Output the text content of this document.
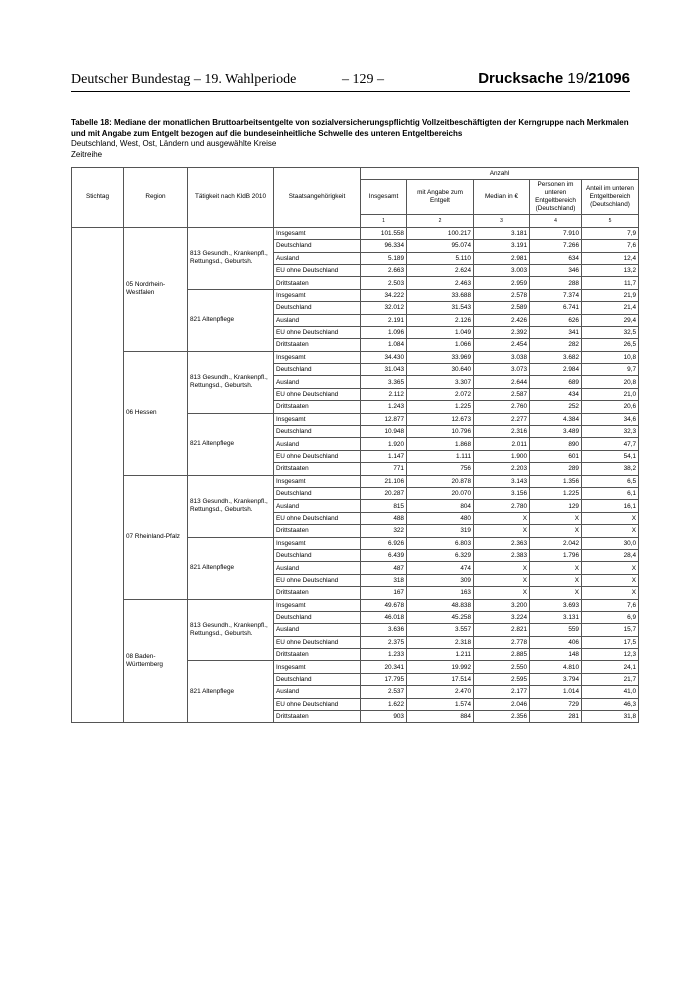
Deutscher Bundestag – 19. Wahlperiode	– 129 –	Drucksache 19/21096
Tabelle 18: Mediane der monatlichen Bruttoarbeitsentgelte von sozialversicherungspflichtig Vollzeitbeschäftigten der Kerngruppe nach Merkmalen und mit Angabe zum Entgelt bezogen auf die bundeseinheitliche Schwelle des unteren Entgeltbereichs
Deutschland, West, Ost, Ländern und ausgewählte Kreise
Zeitreihe
Stichtag	Region	Tätigkeit nach KldB 2010	Staatsangehörigkeit	Anzahl				
				Insgesamt	mit Angabe zum Entgelt	Median in €	Personen im unteren Entgeltbereich (Deutschland)	Anteil im unteren Entgeltbereich (Deutschland)
				1	2	3	4	5
	05 Nordrhein-Westfalen	813 Gesundh., Krankenpfl., Rettungsd., Geburtsh.	Insgesamt	101.558	100.217	3.181	7.910	7,9
			Deutschland	96.334	95.074	3.191	7.266	7,6
			Ausland	5.189	5.110	2.981	634	12,4
			EU ohne Deutschland	2.663	2.624	3.003	346	13,2
			Drittstaaten	2.503	2.463	2.959	288	11,7
		821 Altenpflege	Insgesamt	34.222	33.688	2.578	7.374	21,9
			Deutschland	32.012	31.543	2.589	6.741	21,4
			Ausland	2.191	2.126	2.426	626	29,4
			EU ohne Deutschland	1.096	1.049	2.392	341	32,5
			Drittstaaten	1.084	1.066	2.454	282	26,5
	06 Hessen	813 Gesundh., Krankenpfl., Rettungsd., Geburtsh.	Insgesamt	34.430	33.969	3.038	3.682	10,8
			Deutschland	31.043	30.640	3.073	2.984	9,7
			Ausland	3.365	3.307	2.644	689	20,8
			EU ohne Deutschland	2.112	2.072	2.587	434	21,0
			Drittstaaten	1.243	1.225	2.760	252	20,6
		821 Altenpflege	Insgesamt	12.877	12.673	2.277	4.384	34,6
			Deutschland	10.948	10.796	2.316	3.489	32,3
			Ausland	1.920	1.868	2.011	890	47,7
			EU ohne Deutschland	1.147	1.111	1.900	601	54,1
			Drittstaaten	771	756	2.203	289	38,2
	07 Rheinland-Pfalz	813 Gesundh., Krankenpfl., Rettungsd., Geburtsh.	Insgesamt	21.106	20.878	3.143	1.356	6,5
			Deutschland	20.287	20.070	3.156	1.225	6,1
			Ausland	815	804	2.780	129	16,1
			EU ohne Deutschland	488	480	X	X	X
			Drittstaaten	322	319	X	X	X
		821 Altenpflege	Insgesamt	6.926	6.803	2.363	2.042	30,0
			Deutschland	6.439	6.329	2.383	1.796	28,4
			Ausland	487	474	X	X	X
			EU ohne Deutschland	318	309	X	X	X
			Drittstaaten	167	163	X	X	X
	08 Baden-Württemberg	813 Gesundh., Krankenpfl., Rettungsd., Geburtsh.	Insgesamt	49.678	48.838	3.200	3.693	7,6
			Deutschland	46.018	45.258	3.224	3.131	6,9
			Ausland	3.636	3.557	2.821	559	15,7
			EU ohne Deutschland	2.375	2.318	2.778	406	17,5
			Drittstaaten	1.233	1.211	2.885	148	12,3
		821 Altenpflege	Insgesamt	20.341	19.992	2.550	4.810	24,1
			Deutschland	17.795	17.514	2.595	3.794	21,7
			Ausland	2.537	2.470	2.177	1.014	41,0
			EU ohne Deutschland	1.622	1.574	2.046	729	46,3
			Drittstaaten	903	884	2.356	281	31,8
